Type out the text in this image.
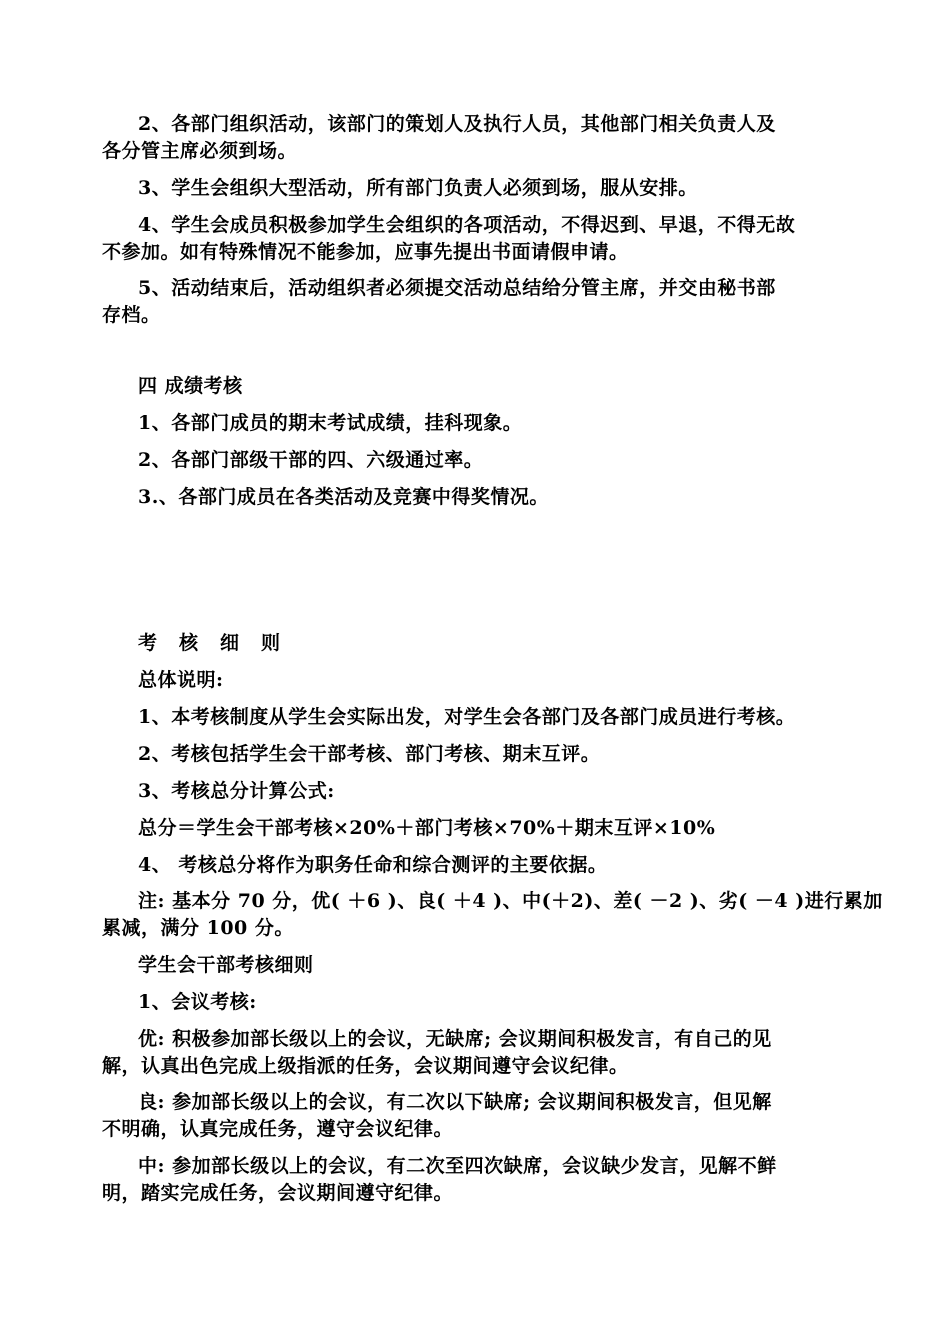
2、各部门组织活动，该部门的策划人及执行人员，其他部门相关负责人及
各分管主席必须到场。
3、学生会组织大型活动，所有部门负责人必须到场，服从安排。
4、学生会成员积极参加学生会组织的各项活动，不得迟到、早退，不得无故
不参加。如有特殊情况不能参加，应事先提出书面请假申请。
5、活动结束后，活动组织者必须提交活动总结给分管主席，并交由秘书部
存档。
四 成绩考核
1、各部门成员的期末考试成绩，挂科现象。
2、各部门部级干部的四、六级通过率。
3.、各部门成员在各类活动及竞赛中得奖情况。
考核细则
总体说明:
1、本考核制度从学生会实际出发，对学生会各部门及各部门成员进行考核。
2、考核包括学生会干部考核、部门考核、期末互评。
3、考核总分计算公式:
总分＝学生会干部考核×20%＋部门考核×70%＋期末互评×10%
4、 考核总分将作为职务任命和综合测评的主要依据。
注: 基本分 70 分，优( ＋6 )、良( ＋4 )、中(＋2)、差( －2 )、劣( －4 )进行累加
累减，满分 100 分。
学生会干部考核细则
1、会议考核:
优: 积极参加部长级以上的会议，无缺席; 会议期间积极发言，有自己的见
解，认真出色完成上级指派的任务，会议期间遵守会议纪律。
良: 参加部长级以上的会议，有二次以下缺席; 会议期间积极发言，但见解
不明确，认真完成任务，遵守会议纪律。
中: 参加部长级以上的会议，有二次至四次缺席，会议缺少发言，见解不鲜
明，踏实完成任务，会议期间遵守纪律。
